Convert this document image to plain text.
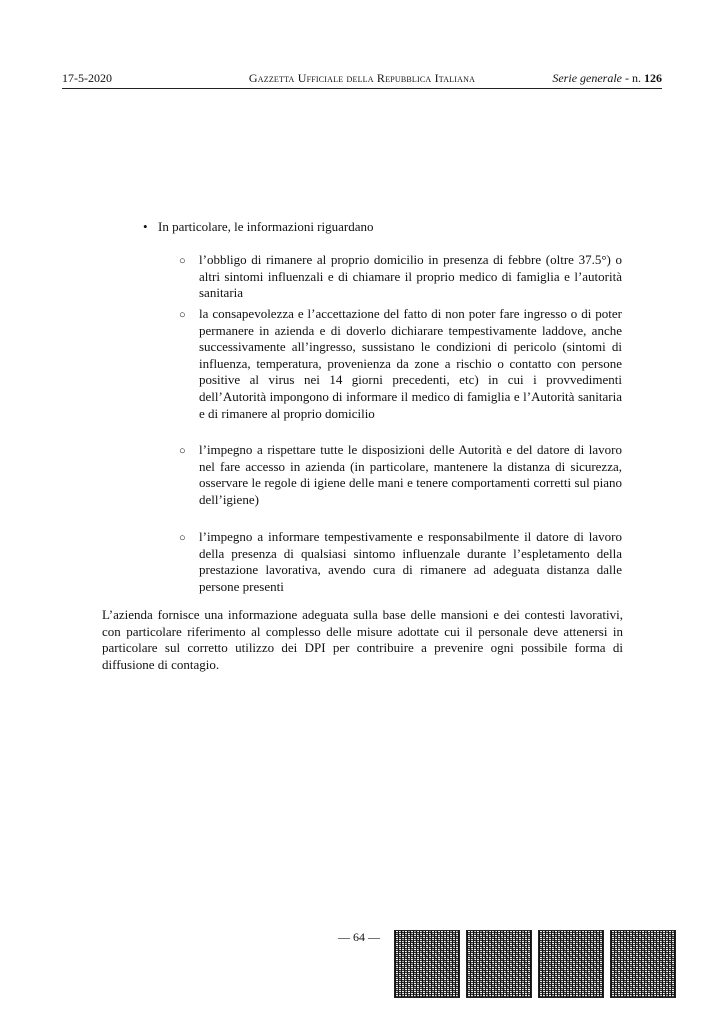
17-5-2020	Gazzetta Ufficiale della Repubblica Italiana	Serie generale - n. 126
• In particolare, le informazioni riguardano
○ l’obbligo di rimanere al proprio domicilio in presenza di febbre (oltre 37.5°) o altri sintomi influenzali e di chiamare il proprio medico di famiglia e l’autorità sanitaria
○ la consapevolezza e l’accettazione del fatto di non poter fare ingresso o di poter permanere in azienda e di doverlo dichiarare tempestivamente laddove, anche successivamente all’ingresso, sussistano le condizioni di pericolo (sintomi di influenza, temperatura, provenienza da zone a rischio o contatto con persone positive al virus nei 14 giorni precedenti, etc) in cui i provvedimenti dell’Autorità impongono di informare il medico di famiglia e l’Autorità sanitaria e di rimanere al proprio domicilio
○ l’impegno a rispettare tutte le disposizioni delle Autorità e del datore di lavoro nel fare accesso in azienda (in particolare, mantenere la distanza di sicurezza, osservare le regole di igiene delle mani e tenere comportamenti corretti sul piano dell’igiene)
○ l’impegno a informare tempestivamente e responsabilmente il datore di lavoro della presenza di qualsiasi sintomo influenzale durante l’espletamento della prestazione lavorativa, avendo cura di rimanere ad adeguata distanza dalle persone presenti
L’azienda fornisce una informazione adeguata sulla base delle mansioni e dei contesti lavorativi, con particolare riferimento al complesso delle misure adottate cui il personale deve attenersi in particolare sul corretto utilizzo dei DPI per contribuire a prevenire ogni possibile forma di diffusione di contagio.
— 64 —
